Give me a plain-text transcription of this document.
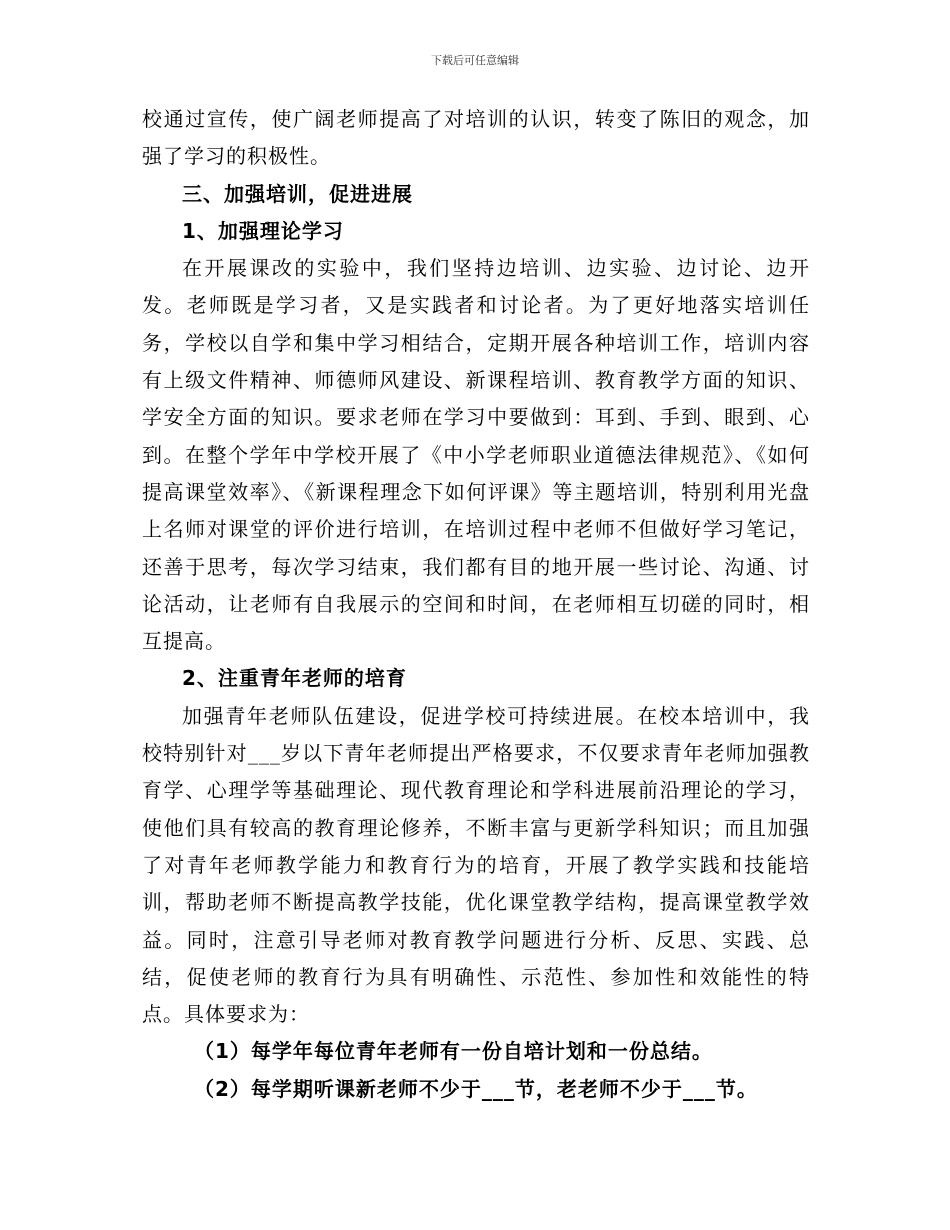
下载后可任意编辑

校通过宣传，使广阔老师提高了对培训的认识，转变了陈旧的观念，加强了学习的积极性。

三、加强培训，促进进展

1、加强理论学习

在开展课改的实验中，我们坚持边培训、边实验、边讨论、边开发。老师既是学习者，又是实践者和讨论者。为了更好地落实培训任务，学校以自学和集中学习相结合，定期开展各种培训工作，培训内容有上级文件精神、师德师风建设、新课程培训、教育教学方面的知识、学安全方面的知识。要求老师在学习中要做到：耳到、手到、眼到、心到。在整个学年中学校开展了《中小学老师职业道德法律规范》、《如何提高课堂效率》、《新课程理念下如何评课》等主题培训，特别利用光盘上名师对课堂的评价进行培训，在培训过程中老师不但做好学习笔记，还善于思考，每次学习结束，我们都有目的地开展一些讨论、沟通、讨论活动，让老师有自我展示的空间和时间，在老师相互切磋的同时，相互提高。

2、注重青年老师的培育

加强青年老师队伍建设，促进学校可持续进展。在校本培训中，我校特别针对___岁以下青年老师提出严格要求，不仅要求青年老师加强教育学、心理学等基础理论、现代教育理论和学科进展前沿理论的学习，使他们具有较高的教育理论修养，不断丰富与更新学科知识；而且加强了对青年老师教学能力和教育行为的培育，开展了教学实践和技能培训，帮助老师不断提高教学技能，优化课堂教学结构，提高课堂教学效益。同时，注意引导老师对教育教学问题进行分析、反思、实践、总结，促使老师的教育行为具有明确性、示范性、参加性和效能性的特点。具体要求为：

（1）每学年每位青年老师有一份自培计划和一份总结。

（2）每学期听课新老师不少于___节，老老师不少于___节。
